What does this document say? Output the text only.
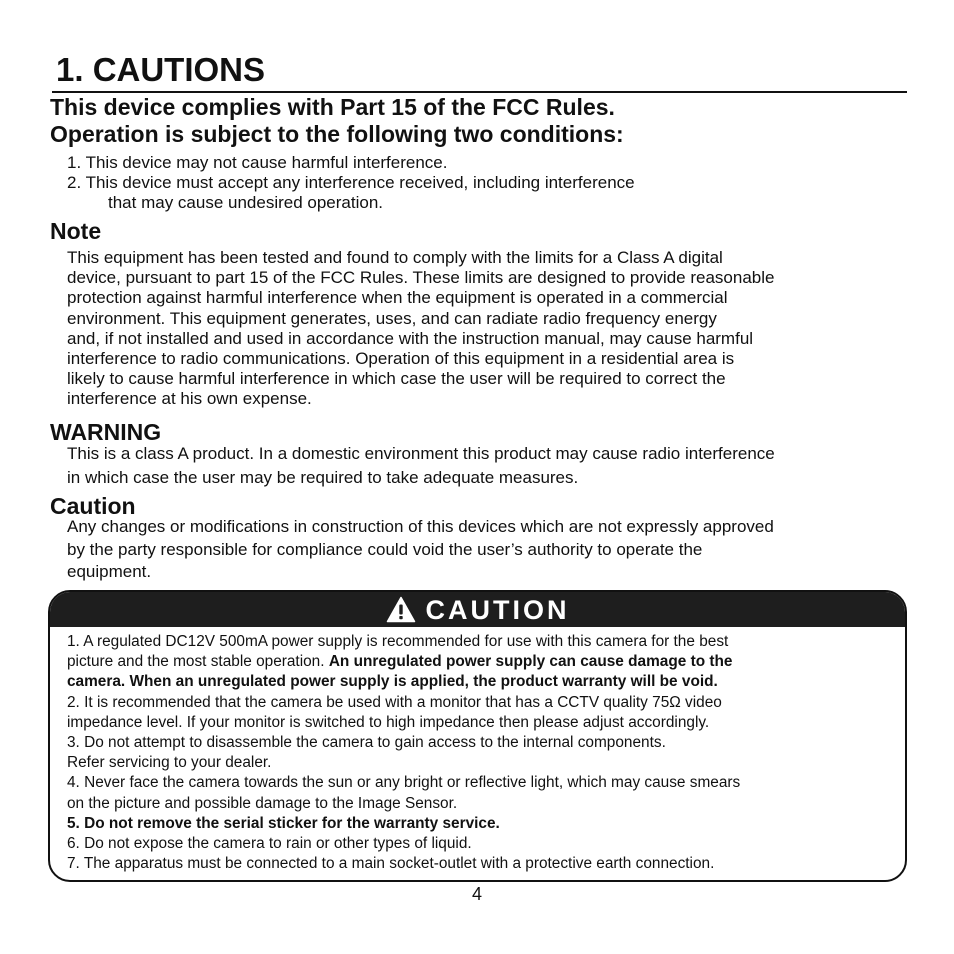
1. CAUTIONS
This device complies with Part 15 of the FCC Rules.
Operation is subject to the following two conditions:
1. This device may not cause harmful interference.
2. This device must accept any interference received, including interference
that may cause undesired operation.
Note
This equipment has been tested and found to comply with the limits for a Class A digital
device, pursuant to part 15 of the FCC Rules. These limits are designed to provide reasonable
protection against harmful interference when the equipment is operated in a commercial
environment. This equipment generates, uses, and can radiate radio frequency energy
and, if not installed and used in accordance with the instruction manual, may cause harmful
interference to radio communications. Operation of this equipment in a residential area is
likely to cause harmful interference in which case the user will be required to correct the
interference at his own expense.
WARNING
This is a class A product. In a domestic environment this product may cause radio interference
in which case the user may be required to take adequate measures.
Caution
Any changes or modifications in construction of this devices which are not expressly approved
by the party responsible for compliance could void the user’s authority to operate the
equipment.
CAUTION

1. A regulated DC12V 500mA power supply is recommended for use with this camera for the best

picture and the most stable operation. An unregulated power supply can cause damage to the

camera. When an unregulated power supply is applied, the product warranty will be void.

2. It is recommended that the camera be used with a monitor that has a CCTV quality 75Ω video

impedance level. If your monitor is switched to high impedance then please adjust accordingly.

3. Do not attempt to disassemble the camera to gain access to the internal components.

Refer servicing to your dealer.

4. Never face the camera towards the sun or any bright or reflective light, which may cause smears

on the picture and possible damage to the Image Sensor.

5. Do not remove the serial sticker for the warranty service.

6. Do not expose the camera to rain or other types of liquid.

7. The apparatus must be connected to a main socket-outlet with a protective earth connection.

4
